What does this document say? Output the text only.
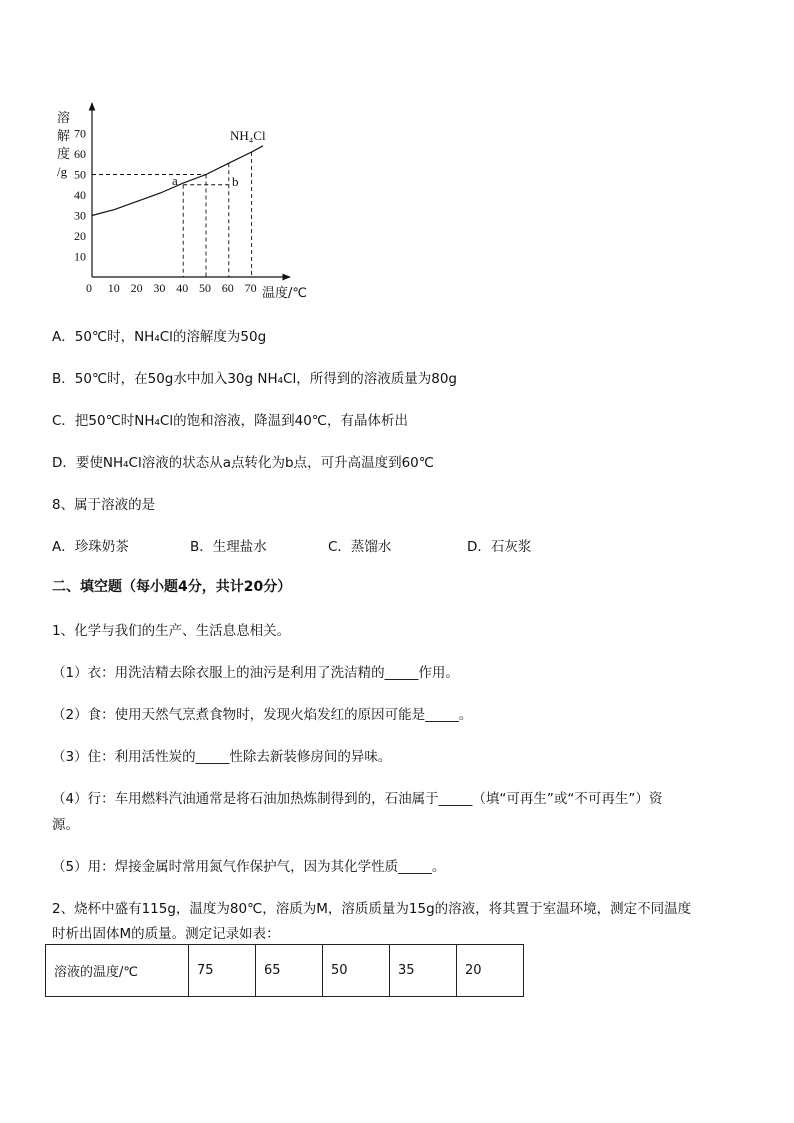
溶
解
度
/g
10
20
30
40
50
60
70
0 10 20 30 40 50 60 70 温度/℃
NH₄Cl
a	b
A．50℃时，NH₄Cl的溶解度为50g
B．50℃时，在50g水中加入30g NH₄Cl，所得到的溶液质量为80g
C．把50℃时NH₄Cl的饱和溶液，降温到40℃，有晶体析出
D．要使NH₄Cl溶液的状态从a点转化为b点，可升高温度到60℃
8、属于溶液的是
A．珍珠奶茶	B．生理盐水	C．蒸馏水	D．石灰浆
二、填空题（每小题4分，共计20分）
1、化学与我们的生产、生活息息相关。
（1）衣：用洗洁精去除衣服上的油污是利用了洗洁精的_____作用。
（2）食：使用天然气烹煮食物时，发现火焰发红的原因可能是_____。
（3）住：利用活性炭的_____性除去新装修房间的异味。
（4）行：车用燃料汽油通常是将石油加热炼制得到的，石油属于_____（填“可再生”或“不可再生”）资
源。
（5）用：焊接金属时常用氮气作保护气，因为其化学性质_____。
2、烧杯中盛有115g，温度为80℃，溶质为M，溶质质量为15g的溶液，将其置于室温环境，测定不同温度
时析出固体M的质量。测定记录如表：
溶液的温度/℃	75	65	50	35	20
